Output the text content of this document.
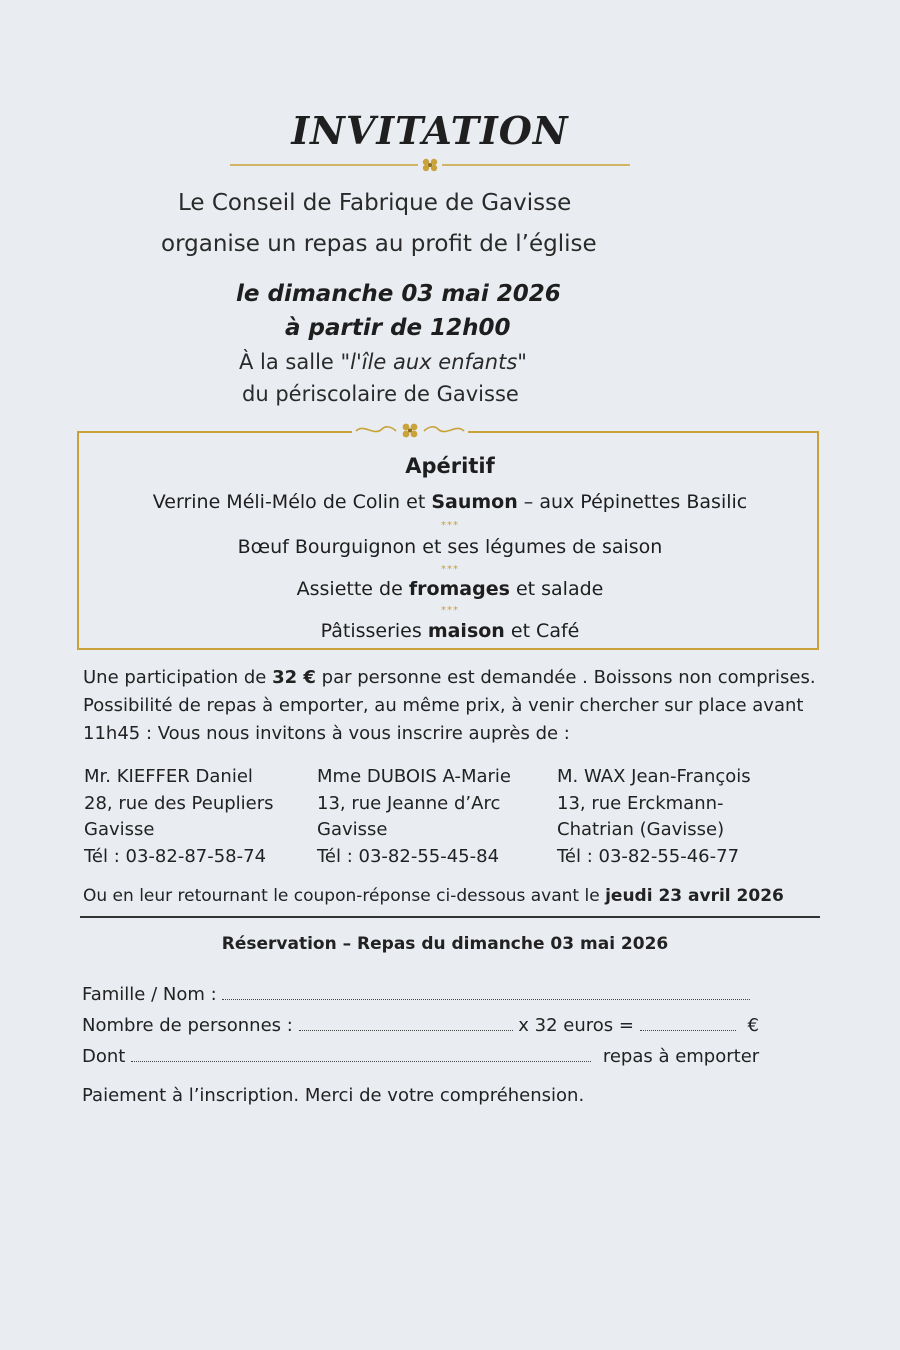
INVITATION
Le Conseil de Fabrique de Gavisse
organise un repas au profit de l’église
le dimanche 03 mai 2026
à partir de 12h00
À la salle "l'île aux enfants"
du périscolaire de Gavisse
Apéritif
Verrine Méli-Mélo de Colin et Saumon – aux Pépinettes Basilic
***
Bœuf Bourguignon et ses légumes de saison
***
Assiette de fromages et salade
***
Pâtisseries maison et Café
Une participation de 32 € par personne est demandée . Boissons non comprises.
Possibilité de repas à emporter, au même prix, à venir chercher sur place avant
11h45 : Vous nous invitons à vous inscrire auprès de :
Mr. KIEFFER Daniel
28, rue des Peupliers
Gavisse
Tél : 03-82-87-58-74
Mme DUBOIS A-Marie
13, rue Jeanne d’Arc
Gavisse
Tél : 03-82-55-45-84
M. WAX Jean-François
13, rue Erckmann-
Chatrian (Gavisse)
Tél : 03-82-55-46-77
Ou en leur retournant le coupon-réponse ci-dessous avant le jeudi 23 avril 2026
Réservation – Repas du dimanche 03 mai 2026
Famille / Nom :
Nombre de personnes :	x 32 euros =	€
Dont	repas à emporter
Paiement à l’inscription. Merci de votre compréhension.
